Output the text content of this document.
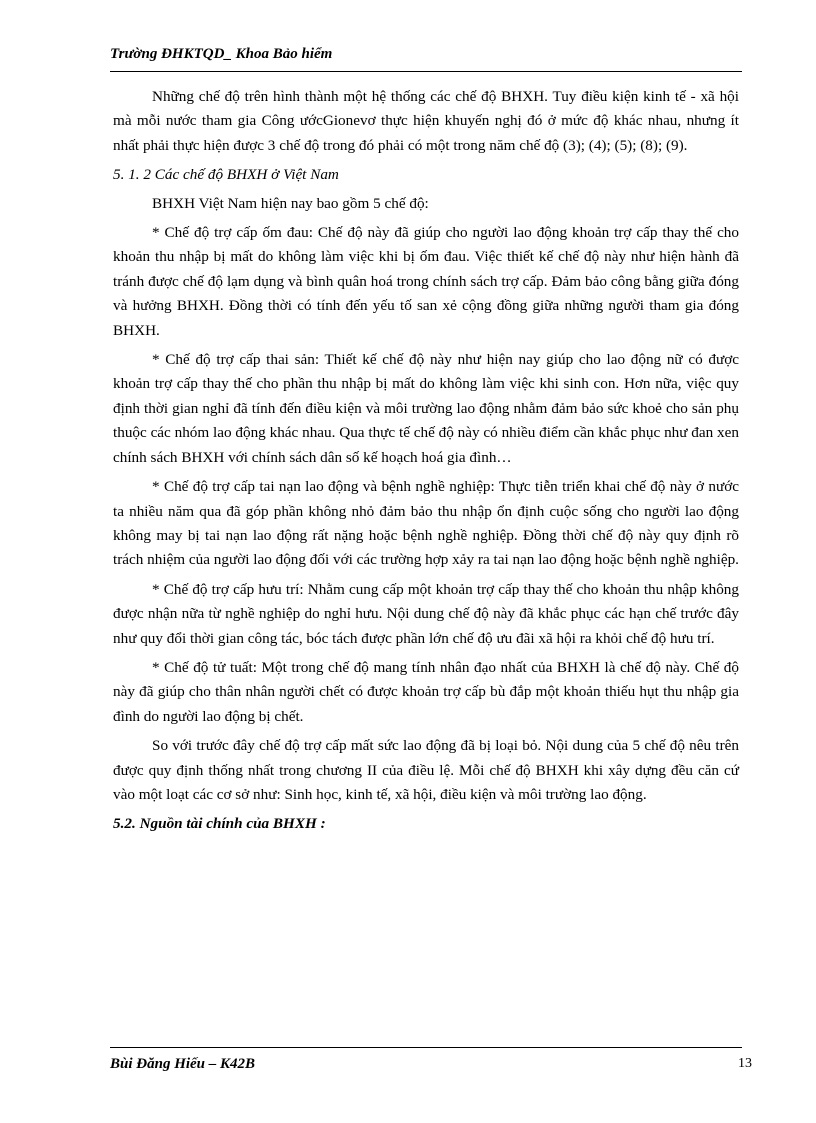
Trường ĐHKTQD_ Khoa Bảo hiểm

Những chế độ trên hình thành một hệ thống các chế độ BHXH. Tuy điều kiện kinh tế - xã hội mà mỗi nước tham gia Công ướcGionevơ thực hiện khuyến nghị đó ở mức độ khác nhau, nhưng ít nhất phải thực hiện được 3 chế độ trong đó phải có một trong năm chế độ (3); (4); (5); (8); (9).

5. 1. 2 Các chế độ BHXH ở Việt Nam

BHXH Việt Nam hiện nay bao gồm 5 chế độ:

* Chế độ trợ cấp ốm đau: Chế độ này đã giúp cho người lao động khoản trợ cấp thay thế cho khoản thu nhập bị mất do không làm việc khi bị ốm đau. Việc thiết kế chế độ này như hiện hành đã tránh được chế độ lạm dụng và bình quân hoá trong chính sách trợ cấp. Đảm bảo công bằng giữa đóng và hưởng BHXH. Đồng thời có tính đến yếu tố san xẻ cộng đồng giữa những người tham gia đóng BHXH.

* Chế độ trợ cấp thai sản: Thiết kế chế độ này như hiện nay giúp cho lao động nữ có được khoản trợ cấp thay thế cho phần thu nhập bị mất do không làm việc khi sinh con. Hơn nữa, việc quy định thời gian nghỉ đã tính đến điều kiện và môi trường lao động nhằm đảm bảo sức khoẻ cho sản phụ thuộc các nhóm lao động khác nhau. Qua thực tế chế độ này có nhiều điểm cần khắc phục như đan xen chính sách BHXH với chính sách dân số kế hoạch hoá gia đình…

* Chế độ trợ cấp tai nạn lao động và bệnh nghề nghiệp: Thực tiễn triển khai chế độ này ở nước ta nhiều năm qua đã góp phần không nhỏ đảm bảo thu nhập ổn định cuộc sống cho người lao động không may bị tai nạn lao động rất nặng hoặc bệnh nghề nghiệp. Đồng thời chế độ này quy định rõ trách nhiệm của người lao động đối với các trường hợp xảy ra tai nạn lao động hoặc bệnh nghề nghiệp.

* Chế độ trợ cấp hưu trí: Nhằm cung cấp một khoản trợ cấp thay thế cho khoản thu nhập không được nhận nữa từ nghề nghiệp do nghỉ hưu. Nội dung chế độ này đã khắc phục các hạn chế trước đây như quy đổi thời gian công tác, bóc tách được phần lớn chế độ ưu đãi xã hội ra khỏi chế độ hưu trí.

* Chế độ tử tuất: Một trong chế độ mang tính nhân đạo nhất của BHXH là chế độ này. Chế độ này đã giúp cho thân nhân người chết có được khoản trợ cấp bù đắp một khoản thiếu hụt thu nhập gia đình do người lao động bị chết.

So với trước đây chế độ trợ cấp mất sức lao động đã bị loại bỏ. Nội dung của 5 chế độ nêu trên được quy định thống nhất trong chương II của điều lệ. Mỗi chế độ BHXH khi xây dựng đều căn cứ vào một loạt các cơ sở như: Sinh học, kinh tế, xã hội, điều kiện và môi trường lao động.

5.2. Nguồn tài chính của BHXH :

Bùi Đăng Hiếu – K42B	13
